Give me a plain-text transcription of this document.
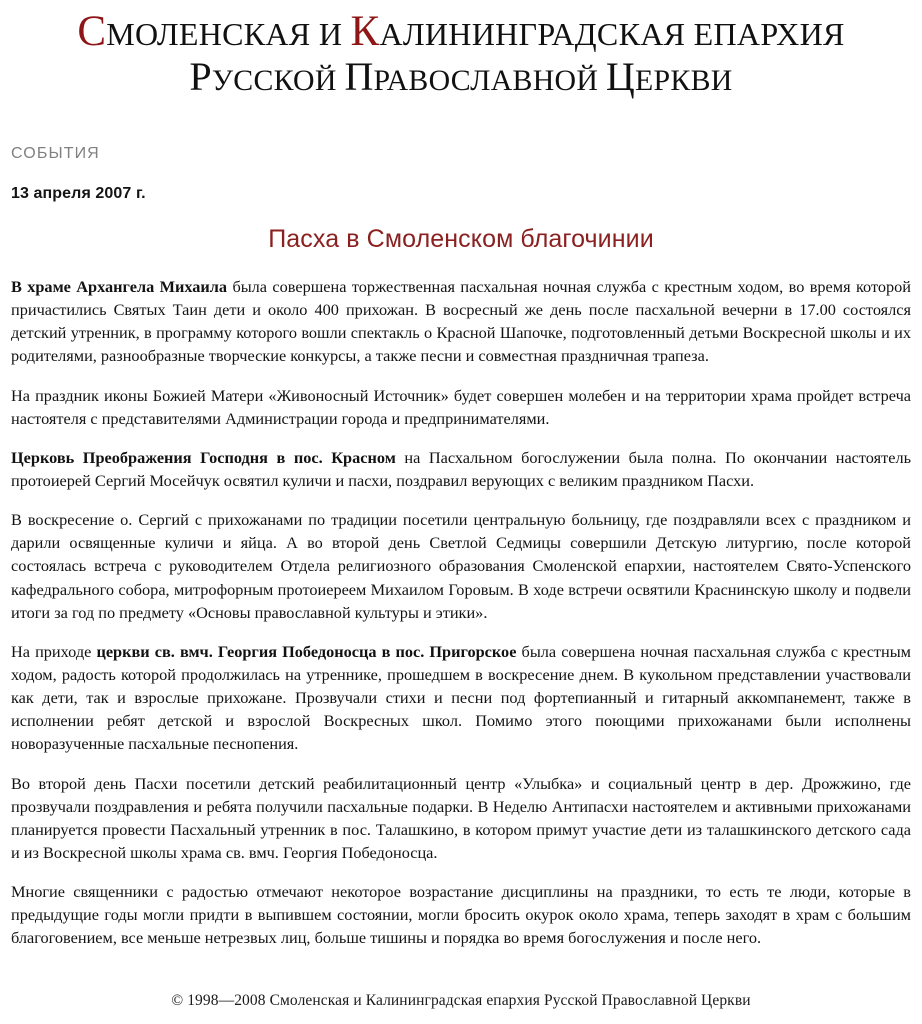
СМОЛЕНСКАЯ И КАЛИНИНГРАДСКАЯ ЕПАРХИЯ
РУССКОЙ ПРАВОСЛАВНОЙ ЦЕРКВИ
СОБЫТИЯ
13 апреля 2007 г.
Пасха в Смоленском благочинии

В храме Архангела Михаила была совершена торжественная пасхальная ночная служба с крестным ходом, во время которой причастились Святых Таин дети и около 400 прихожан. В восресный же день после пасхальной вечерни в 17.00 состоялся детский утренник, в программу которого вошли спектакль о Красной Шапочке, подготовленный детьми Воскресной школы и их родителями, разнообразные творческие конкурсы, а также песни и совместная праздничная трапеза.

На праздник иконы Божией Матери «Живоносный Источник» будет совершен молебен и на территории храма пройдет встреча настоятеля с представителями Администрации города и предпринимателями.

Церковь Преображения Господня в пос. Красном на Пасхальном богослужении была полна. По окончании настоятель протоиерей Сергий Мосейчук освятил куличи и пасхи, поздравил верующих с великим праздником Пасхи.

В воскресение о. Сергий с прихожанами по традиции посетили центральную больницу, где поздравляли всех с праздником и дарили освященные куличи и яйца. А во второй день Светлой Седмицы совершили Детскую литургию, после которой состоялась встреча с руководителем Отдела религиозного образования Смоленской епархии, настоятелем Свято-Успенского кафедрального собора, митрофорным протоиереем Михаилом Горовым. В ходе встречи освятили Краснинскую школу и подвели итоги за год по предмету «Основы православной культуры и этики».

На приходе церкви св. вмч. Георгия Победоносца в пос. Пригорское была совершена ночная пасхальная служба с крестным ходом, радость которой продолжилась на утреннике, прошедшем в воскресение днем. В кукольном представлении участвовали как дети, так и взрослые прихожане. Прозвучали стихи и песни под фортепианный и гитарный аккомпанемент, также в исполнении ребят детской и взрослой Воскресных школ. Помимо этого поющими прихожанами были исполнены новоразученные пасхальные песнопения.

Во второй день Пасхи посетили детский реабилитационный центр «Улыбка» и социальный центр в дер. Дрожжино, где прозвучали поздравления и ребята получили пасхальные подарки. В Неделю Антипасхи настоятелем и активными прихожанами планируется провести Пасхальный утренник в пос. Талашкино, в котором примут участие дети из талашкинского детского сада и из Воскресной школы храма св. вмч. Георгия Победоносца.

Многие священники с радостью отмечают некоторое возрастание дисциплины на праздники, то есть те люди, которые в предыдущие годы могли придти в выпившем состоянии, могли бросить окурок около храма, теперь заходят в храм с большим благоговением, все меньше нетрезвых лиц, больше тишины и порядка во время богослужения и после него.

© 1998—2008 Смоленская и Калининградская епархия Русской Православной Церкви
